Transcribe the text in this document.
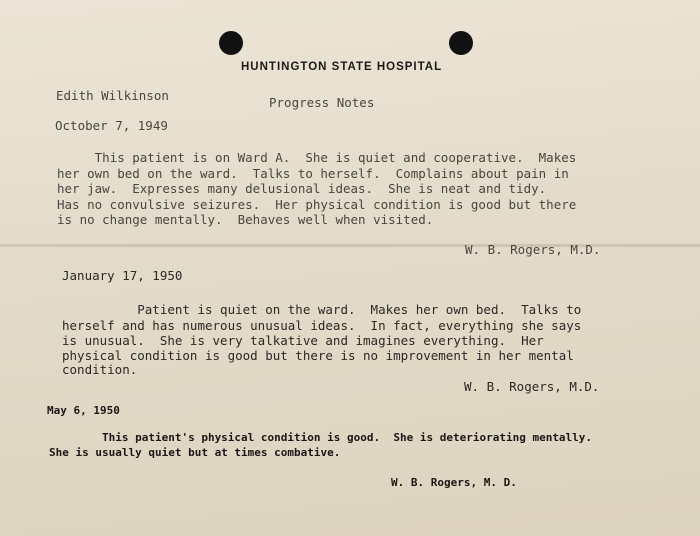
HUNTINGTON STATE HOSPITAL
Edith Wilkinson	Progress Notes
October 7, 1949
This patient is on Ward A.  She is quiet and cooperative.  Makes
her own bed on the ward.  Talks to herself.  Complains about pain in
her jaw.  Expresses many delusional ideas.  She is neat and tidy.
Has no convulsive seizures.  Her physical condition is good but there
is no change mentally.  Behaves well when visited.
W. B. Rogers, M.D.
January 17, 1950
Patient is quiet on the ward.  Makes her own bed.  Talks to
herself and has numerous unusual ideas.  In fact, everything she says
is unusual.  She is very talkative and imagines everything.  Her
physical condition is good but there is no improvement in her mental
condition.
W. B. Rogers, M.D.
May 6, 1950
This patient's physical condition is good.  She is deteriorating mentally.
She is usually quiet but at times combative.
W. B. Rogers, M. D.
